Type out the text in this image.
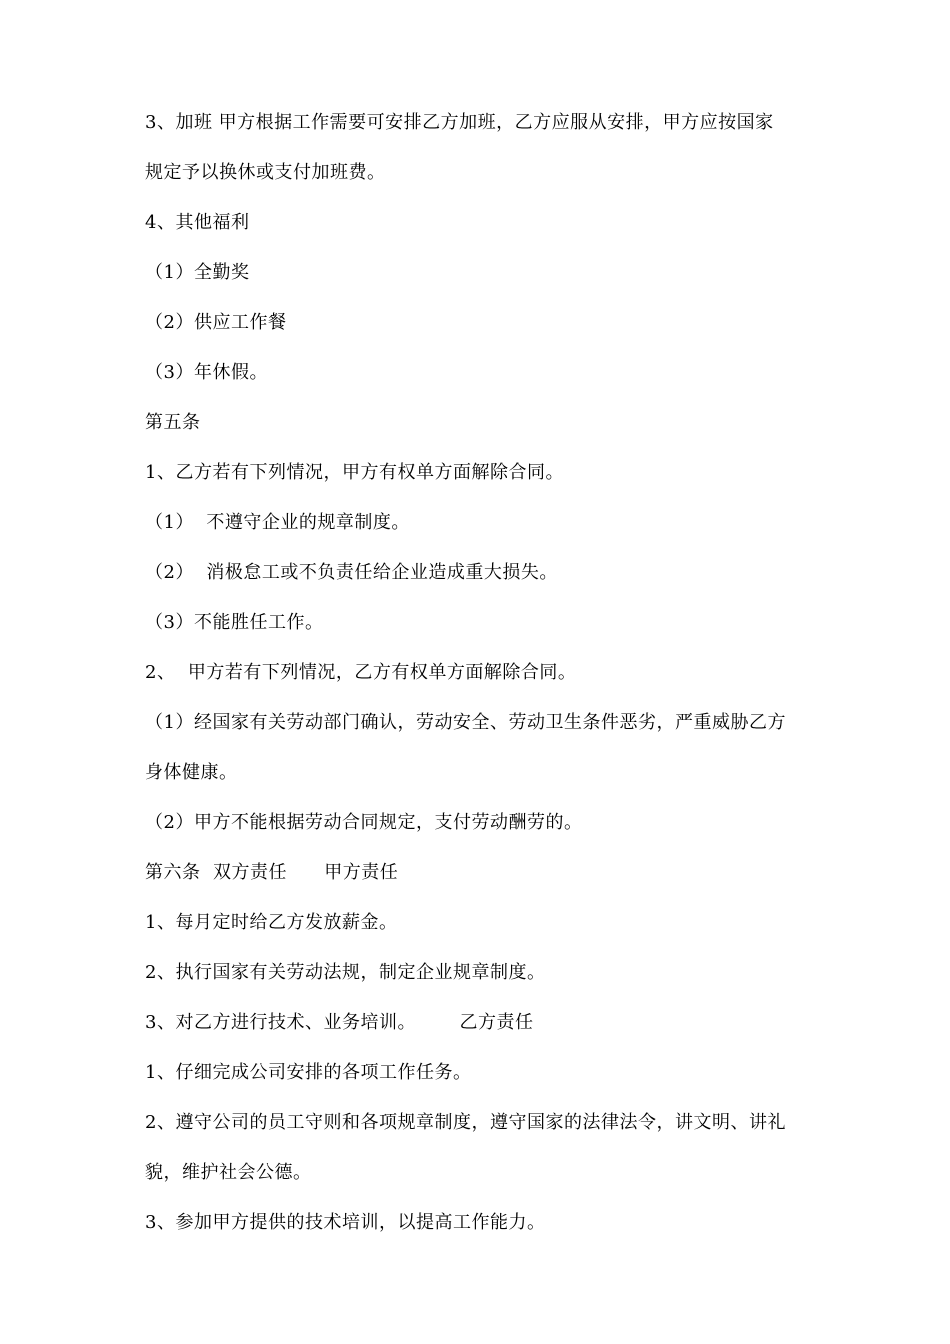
3、加班 甲方根据工作需要可安排乙方加班，乙方应服从安排，甲方应按国家
规定予以换休或支付加班费。
4、其他福利
（1）全勤奖
（2）供应工作餐
（3）年休假。
第五条
1、乙方若有下列情况，甲方有权单方面解除合同。
（1）  不遵守企业的规章制度。
（2）  消极怠工或不负责任给企业造成重大损失。
（3）不能胜任工作。
2、  甲方若有下列情况，乙方有权单方面解除合同。
（1）经国家有关劳动部门确认，劳动安全、劳动卫生条件恶劣，严重威胁乙方
身体健康。
（2）甲方不能根据劳动合同规定，支付劳动酬劳的。
第六条  双方责任      甲方责任
1、每月定时给乙方发放薪金。
2、执行国家有关劳动法规，制定企业规章制度。
3、对乙方进行技术、业务培训。       乙方责任
1、仔细完成公司安排的各项工作任务。
2、遵守公司的员工守则和各项规章制度，遵守国家的法律法令，讲文明、讲礼
貌，维护社会公德。
3、参加甲方提供的技术培训，以提高工作能力。
